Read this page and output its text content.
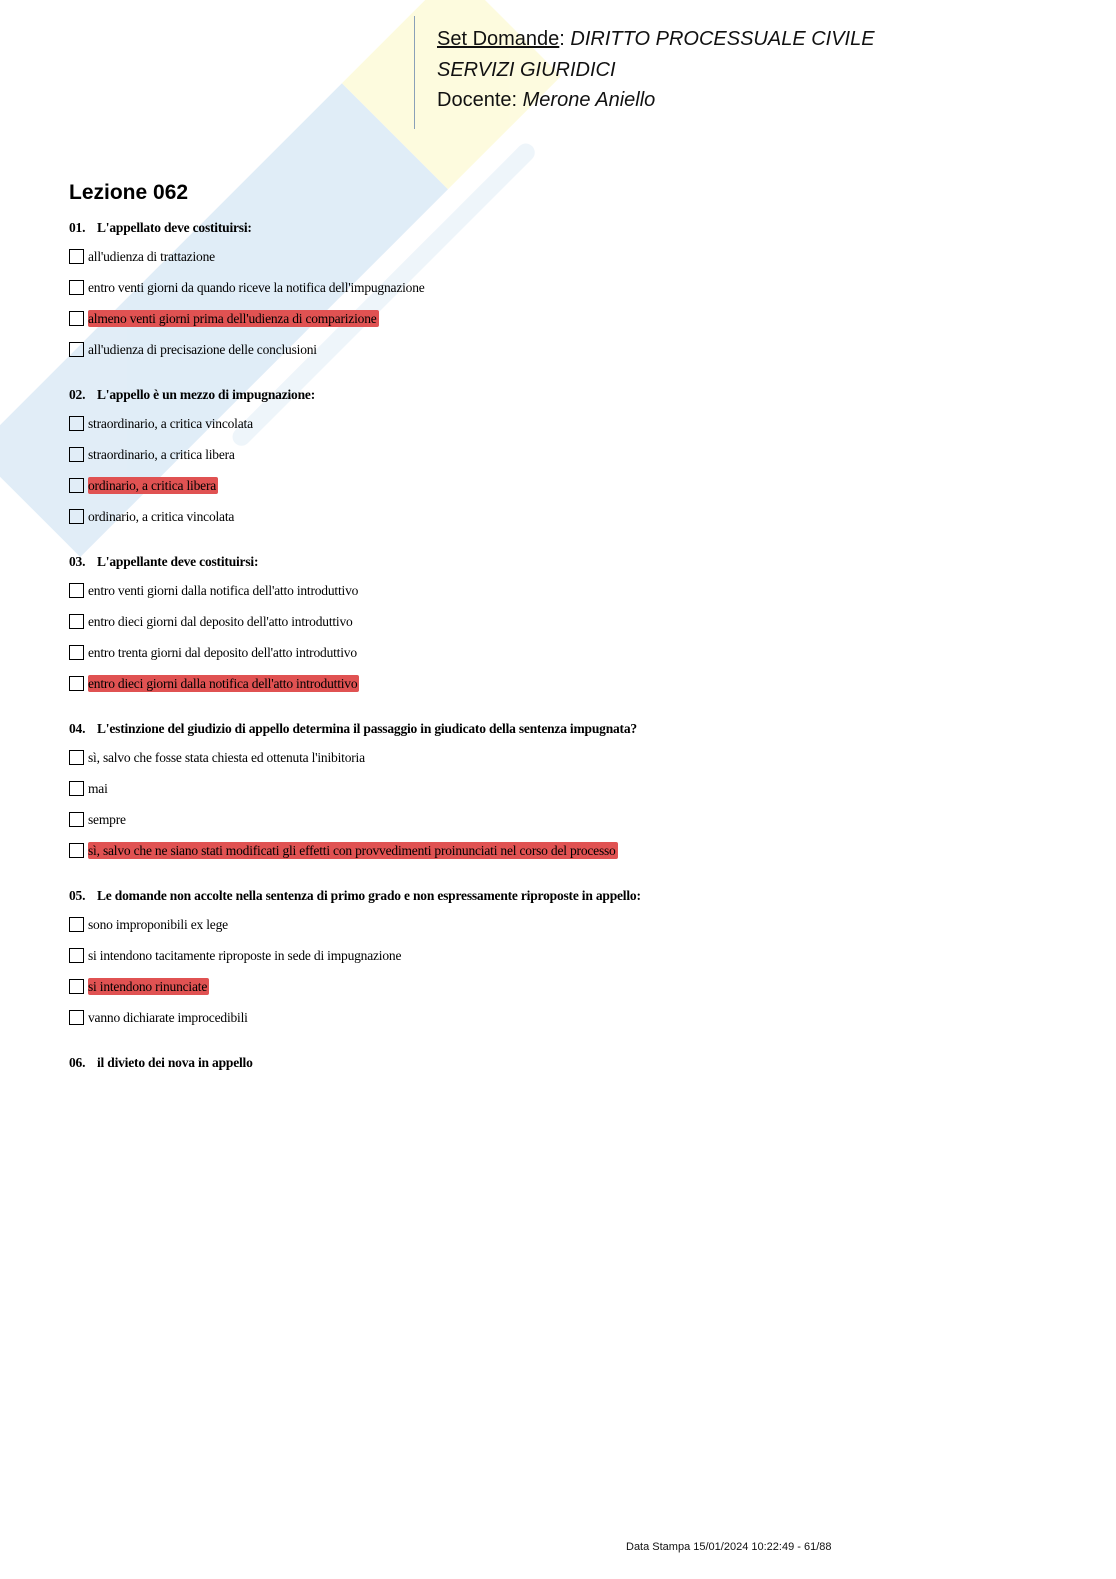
Set Domande: DIRITTO PROCESSUALE CIVILE
SERVIZI GIURIDICI
Docente: Merone Aniello
Lezione 062
01. L'appellato deve costituirsi:
all'udienza di trattazione
entro venti giorni da quando riceve la notifica dell'impugnazione
almeno venti giorni prima dell'udienza di comparizione
all'udienza di precisazione delle conclusioni
02. L'appello è un mezzo di impugnazione:
straordinario, a critica vincolata
straordinario, a critica libera
ordinario, a critica libera
ordinario, a critica vincolata
03. L'appellante deve costituirsi:
entro venti giorni dalla notifica dell'atto introduttivo
entro dieci giorni dal deposito dell'atto introduttivo
entro trenta giorni dal deposito dell'atto introduttivo
entro dieci giorni dalla notifica dell'atto introduttivo
04. L'estinzione del giudizio di appello determina il passaggio in giudicato della sentenza impugnata?
sì, salvo che fosse stata chiesta ed ottenuta l'inibitoria
mai
sempre
sì, salvo che ne siano stati modificati gli effetti con provvedimenti proinunciati nel corso del processo
05. Le domande non accolte nella sentenza di primo grado e non espressamente riproposte in appello:
sono improponibili ex lege
si intendono tacitamente riproposte in sede di impugnazione
si intendono rinunciate
vanno dichiarate improcedibili
06. il divieto dei nova in appello
Data Stampa 15/01/2024 10:22:49 - 61/88
